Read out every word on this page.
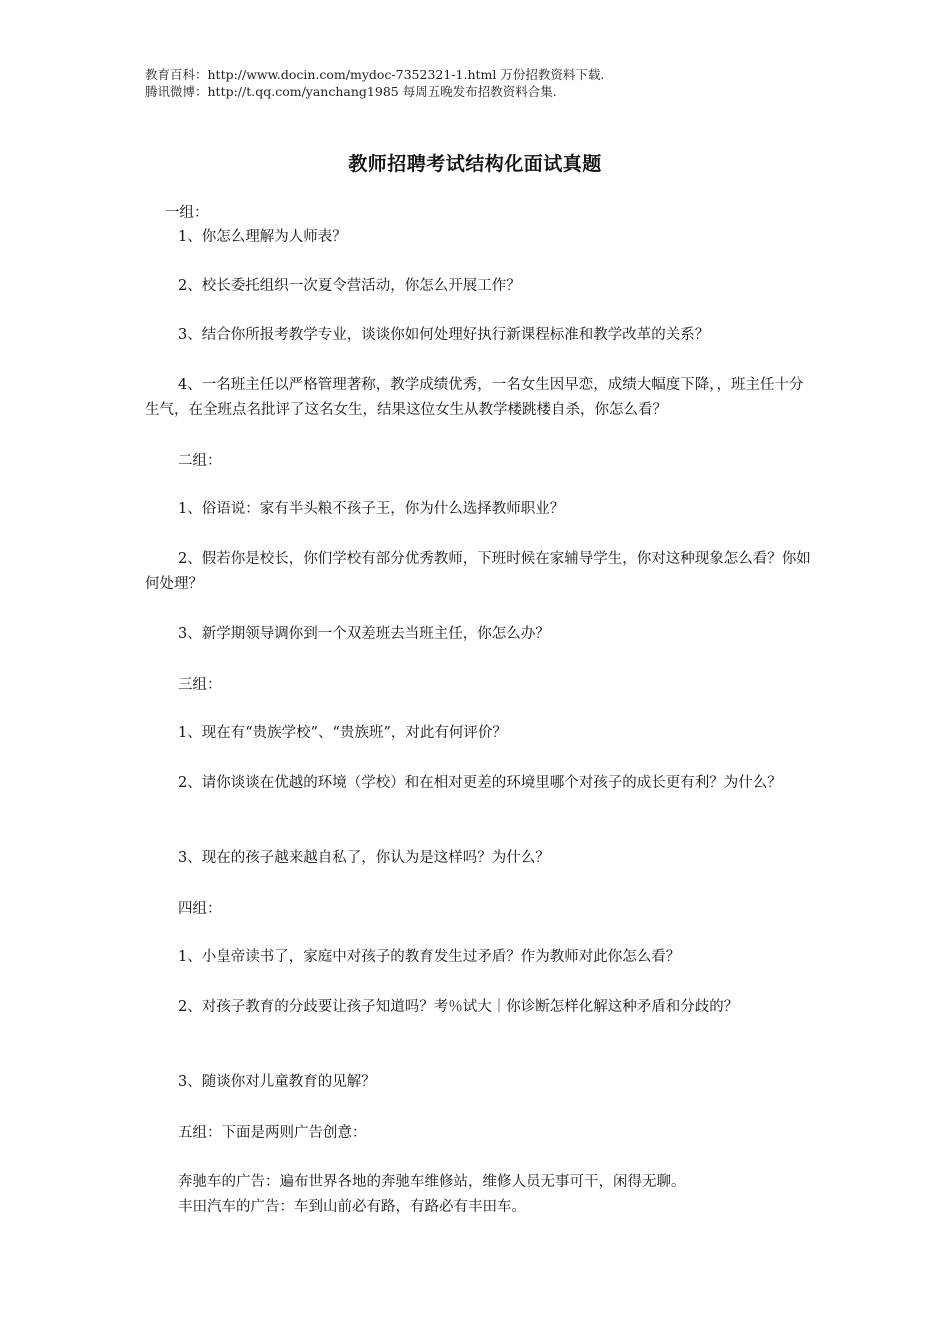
教育百科：http://www.docin.com/mydoc-7352321-1.html 万份招教资料下载.
腾讯微博：http://t.qq.com/yanchang1985 每周五晚发布招教资料合集.
教师招聘考试结构化面试真题
一组：
1、你怎么理解为人师表？
2、校长委托组织一次夏令营活动，你怎么开展工作？
3、结合你所报考教学专业，谈谈你如何处理好执行新课程标准和教学改革的关系？
4、一名班主任以严格管理著称，教学成绩优秀，一名女生因早恋，成绩大幅度下降，，班主任十分生气，在全班点名批评了这名女生，结果这位女生从教学楼跳楼自杀，你怎么看？
二组：
1、俗语说：家有半头粮不孩子王，你为什么选择教师职业？
2、假若你是校长，你们学校有部分优秀教师，下班时候在家辅导学生，你对这种现象怎么看？你如何处理？
3、新学期领导调你到一个双差班去当班主任，你怎么办？
三组：
1、现在有“贵族学校”、“贵族班”，对此有何评价？
2、请你谈谈在优越的环境（学校）和在相对更差的环境里哪个对孩子的成长更有利？为什么？
3、现在的孩子越来越自私了，你认为是这样吗？为什么？
四组：
1、小皇帝读书了，家庭中对孩子的教育发生过矛盾？作为教师对此你怎么看？
2、对孩子教育的分歧要让孩子知道吗？考％试大｜你诊断怎样化解这种矛盾和分歧的？
3、随谈你对儿童教育的见解？
五组：下面是两则广告创意：
奔驰车的广告：遍布世界各地的奔驰车维修站，维修人员无事可干，闲得无聊。
丰田汽车的广告：车到山前必有路，有路必有丰田车。
